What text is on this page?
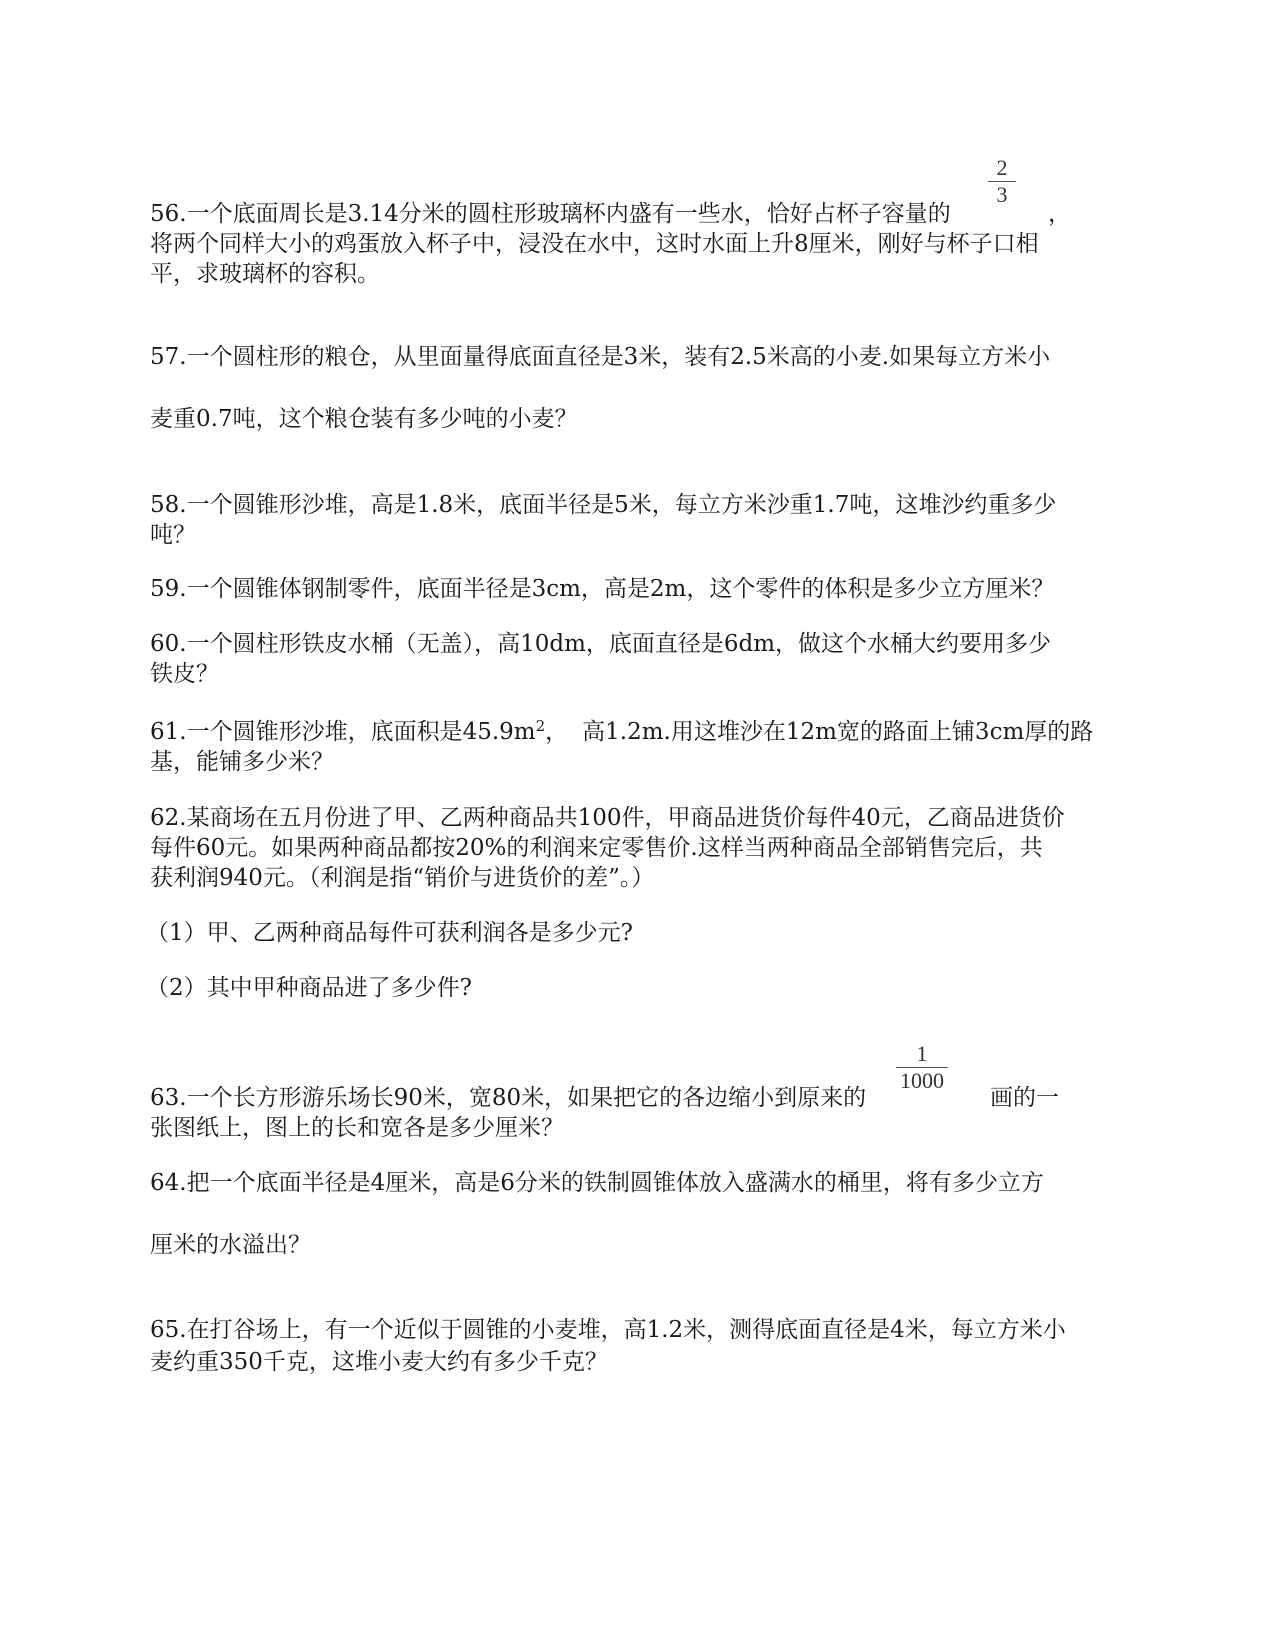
2
3
56.一个底面周长是3.14分米的圆柱形玻璃杯内盛有一些水，恰好占杯子容量的	，
将两个同样大小的鸡蛋放入杯子中，浸没在水中，这时水面上升8厘米，刚好与杯子口相
平，求玻璃杯的容积。
57.一个圆柱形的粮仓，从里面量得底面直径是3米，装有2.5米高的小麦.如果每立方米小
麦重0.7吨，这个粮仓装有多少吨的小麦？
58.一个圆锥形沙堆，高是1.8米，底面半径是5米，每立方米沙重1.7吨，这堆沙约重多少
吨？
59.一个圆锥体钢制零件，底面半径是3cm，高是2m，这个零件的体积是多少立方厘米？
60.一个圆柱形铁皮水桶（无盖），高10dm，底面直径是6dm，做这个水桶大约要用多少
铁皮？
61.一个圆锥形沙堆，底面积是$45.9m^2$， 高1.2m.用这堆沙在12m宽的路面上铺3cm厚的路
基，能铺多少米？
62.某商场在五月份进了甲、乙两种商品共100件，甲商品进货价每件40元，乙商品进货价
每件60元。如果两种商品都按20%的利润来定零售价.这样当两种商品全部销售完后，共
获利润940元。（利润是指“销价与进货价的差”。）
（1）甲、乙两种商品每件可获利润各是多少元?
（2）其中甲种商品进了多少件?
1
1000
63.一个长方形游乐场长90米，宽80米，如果把它的各边缩小到原来的	画的一
张图纸上，图上的长和宽各是多少厘米？
64.把一个底面半径是4厘米，高是6分米的铁制圆锥体放入盛满水的桶里，将有多少立方
厘米的水溢出？
65.在打谷场上，有一个近似于圆锥的小麦堆，高1.2米，测得底面直径是4米，每立方米小
麦约重350千克，这堆小麦大约有多少千克？
